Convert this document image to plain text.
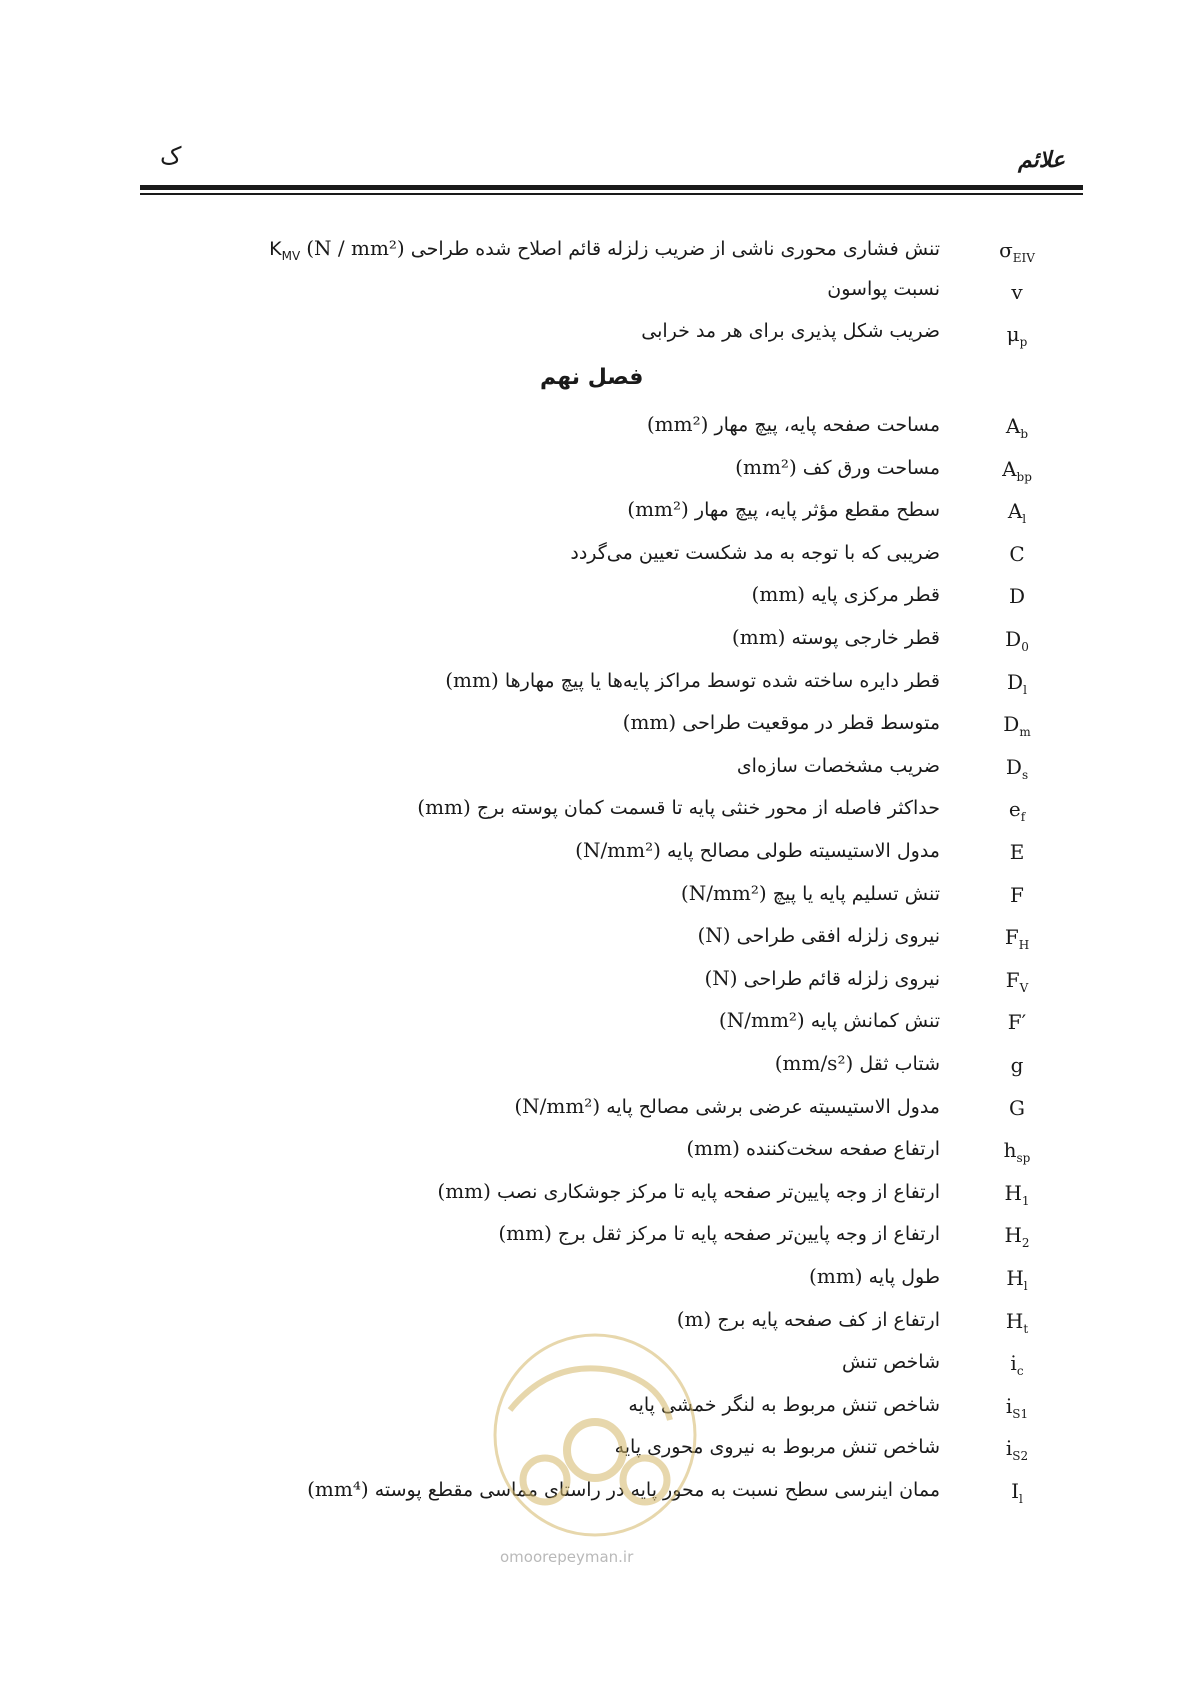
علائم
ک
$\sigma_{EIV}$
تنش فشاری محوری ناشی از ضریب زلزله قائم اصلاح شده طراحی $K_{MV}$ (N / mm²)
v
نسبت پواسون
$\mu_p$
ضریب شکل پذیری برای هر مد خرابی
فصل نهم
$A_b$
مساحت صفحه پایه، پیچ مهار (mm²)
$A_{bp}$
مساحت ورق کف (mm²)
$A_l$
سطح مقطع مؤثر پایه، پیچ مهار (mm²)
C
ضریبی که با توجه به مد شکست تعیین می‌گردد
D
قطر مرکزی پایه (mm)
$D_0$
قطر خارجی پوسته (mm)
$D_l$
قطر دایره ساخته شده توسط مراکز پایه‌ها یا پیچ مهارها (mm)
$D_m$
متوسط قطر در موقعیت طراحی (mm)
$D_s$
ضریب مشخصات سازه‌ای
$e_f$
حداکثر فاصله از محور خنثی پایه تا قسمت کمان پوسته برج (mm)
E
مدول الاستیسیته طولی مصالح پایه (N/mm²)
F
تنش تسلیم پایه یا پیچ (N/mm²)
$F_H$
نیروی زلزله افقی طراحی (N)
$F_V$
نیروی زلزله قائم طراحی (N)
F′
تنش کمانش پایه (N/mm²)
g
شتاب ثقل (mm/s²)
G
مدول الاستیسیته عرضی برشی مصالح پایه (N/mm²)
$h_{sp}$
ارتفاع صفحه سخت‌کننده (mm)
$H_1$
ارتفاع از وجه پایین‌تر صفحه پایه تا مرکز جوشکاری نصب (mm)
$H_2$
ارتفاع از وجه پایین‌تر صفحه پایه تا مرکز ثقل برج (mm)
$H_l$
طول پایه (mm)
$H_t$
ارتفاع از کف صفحه پایه برج (m)
$i_c$
شاخص تنش
$i_{S1}$
شاخص تنش مربوط به لنگر خمشی پایه
$i_{S2}$
شاخص تنش مربوط به نیروی محوری پایه
$I_l$
ممان اینرسی سطح نسبت به محور پایه در راستای مماسی مقطع پوسته (mm⁴)
omoorepeyman.ir
